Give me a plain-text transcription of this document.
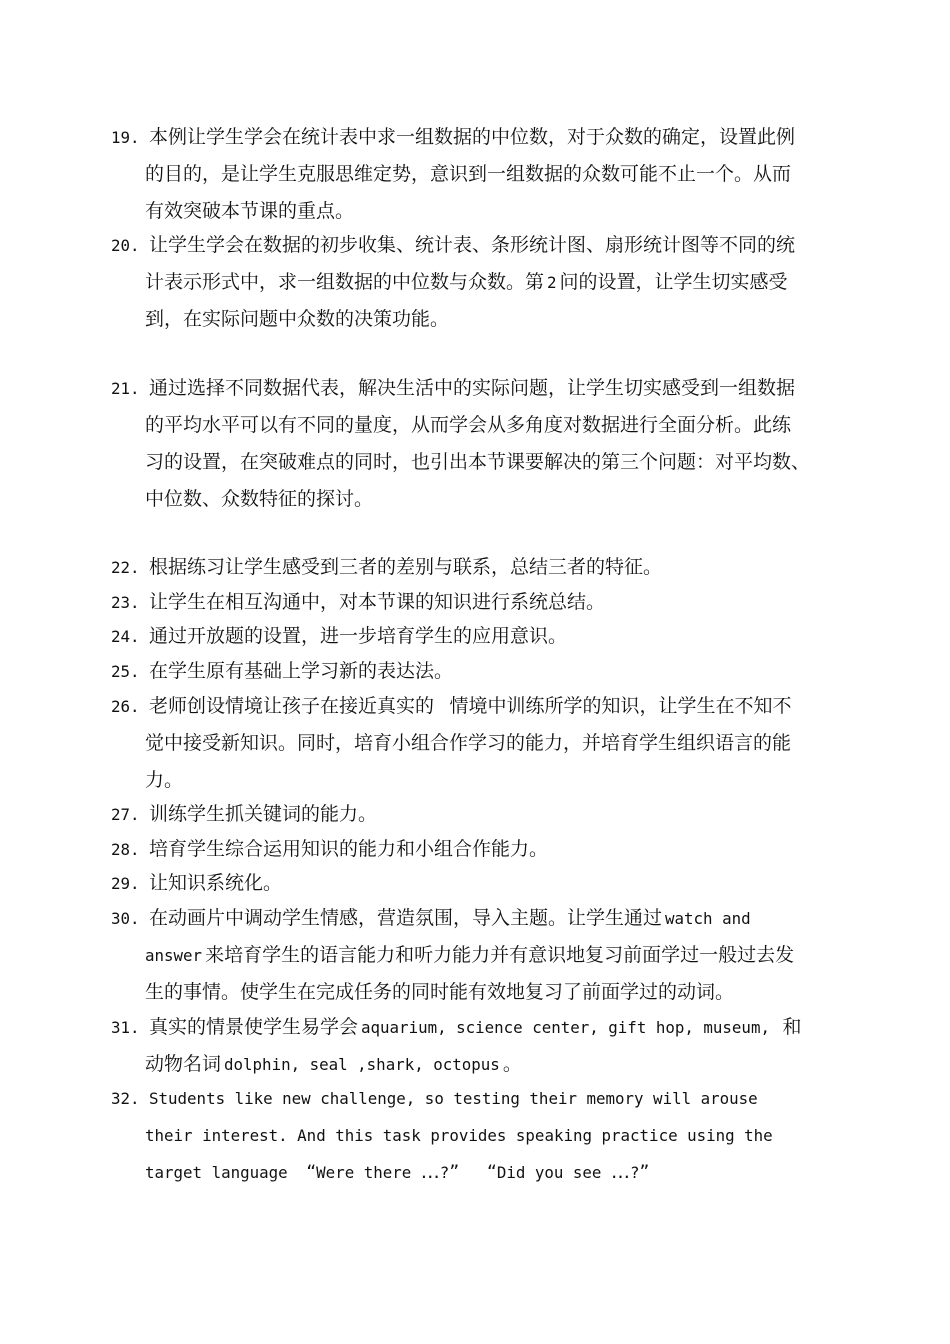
19. 本例让学生学会在统计表中求一组数据的中位数，对于众数的确定，设置此例
的目的，是让学生克服思维定势，意识到一组数据的众数可能不止一个。从而
有效突破本节课的重点。
20. 让学生学会在数据的初步收集、统计表、条形统计图、扇形统计图等不同的统
计表示形式中，求一组数据的中位数与众数。第 2 问的设置，让学生切实感受
到，在实际问题中众数的决策功能。
21. 通过选择不同数据代表，解决生活中的实际问题，让学生切实感受到一组数据
的平均水平可以有不同的量度，从而学会从多角度对数据进行全面分析。此练
习的设置，在突破难点的同时，也引出本节课要解决的第三个问题：对平均数、
中位数、众数特征的探讨。
22. 根据练习让学生感受到三者的差别与联系，总结三者的特征。
23. 让学生在相互沟通中，对本节课的知识进行系统总结。
24. 通过开放题的设置，进一步培育学生的应用意识。
25. 在学生原有基础上学习新的表达法。
26. 老师创设情境让孩子在接近真实的 情境中训练所学的知识，让学生在不知不
觉中接受新知识。同时，培育小组合作学习的能力，并培育学生组织语言的能
力。
27. 训练学生抓关键词的能力。
28. 培育学生综合运用知识的能力和小组合作能力。
29. 让知识系统化。
30. 在动画片中调动学生情感，营造氛围，导入主题。让学生通过 watch and
answer 来培育学生的语言能力和听力能力并有意识地复习前面学过一般过去发
生的事情。使学生在完成任务的同时能有效地复习了前面学过的动词。
31. 真实的情景使学生易学会 aquarium, science center, gift hop, museum, 和
动物名词 dolphin, seal ,shark, octopus 。
32. Students like new challenge, so testing their memory will arouse
their interest. And this task provides speaking practice using the
target language “Were there …?” “Did you see …?”
